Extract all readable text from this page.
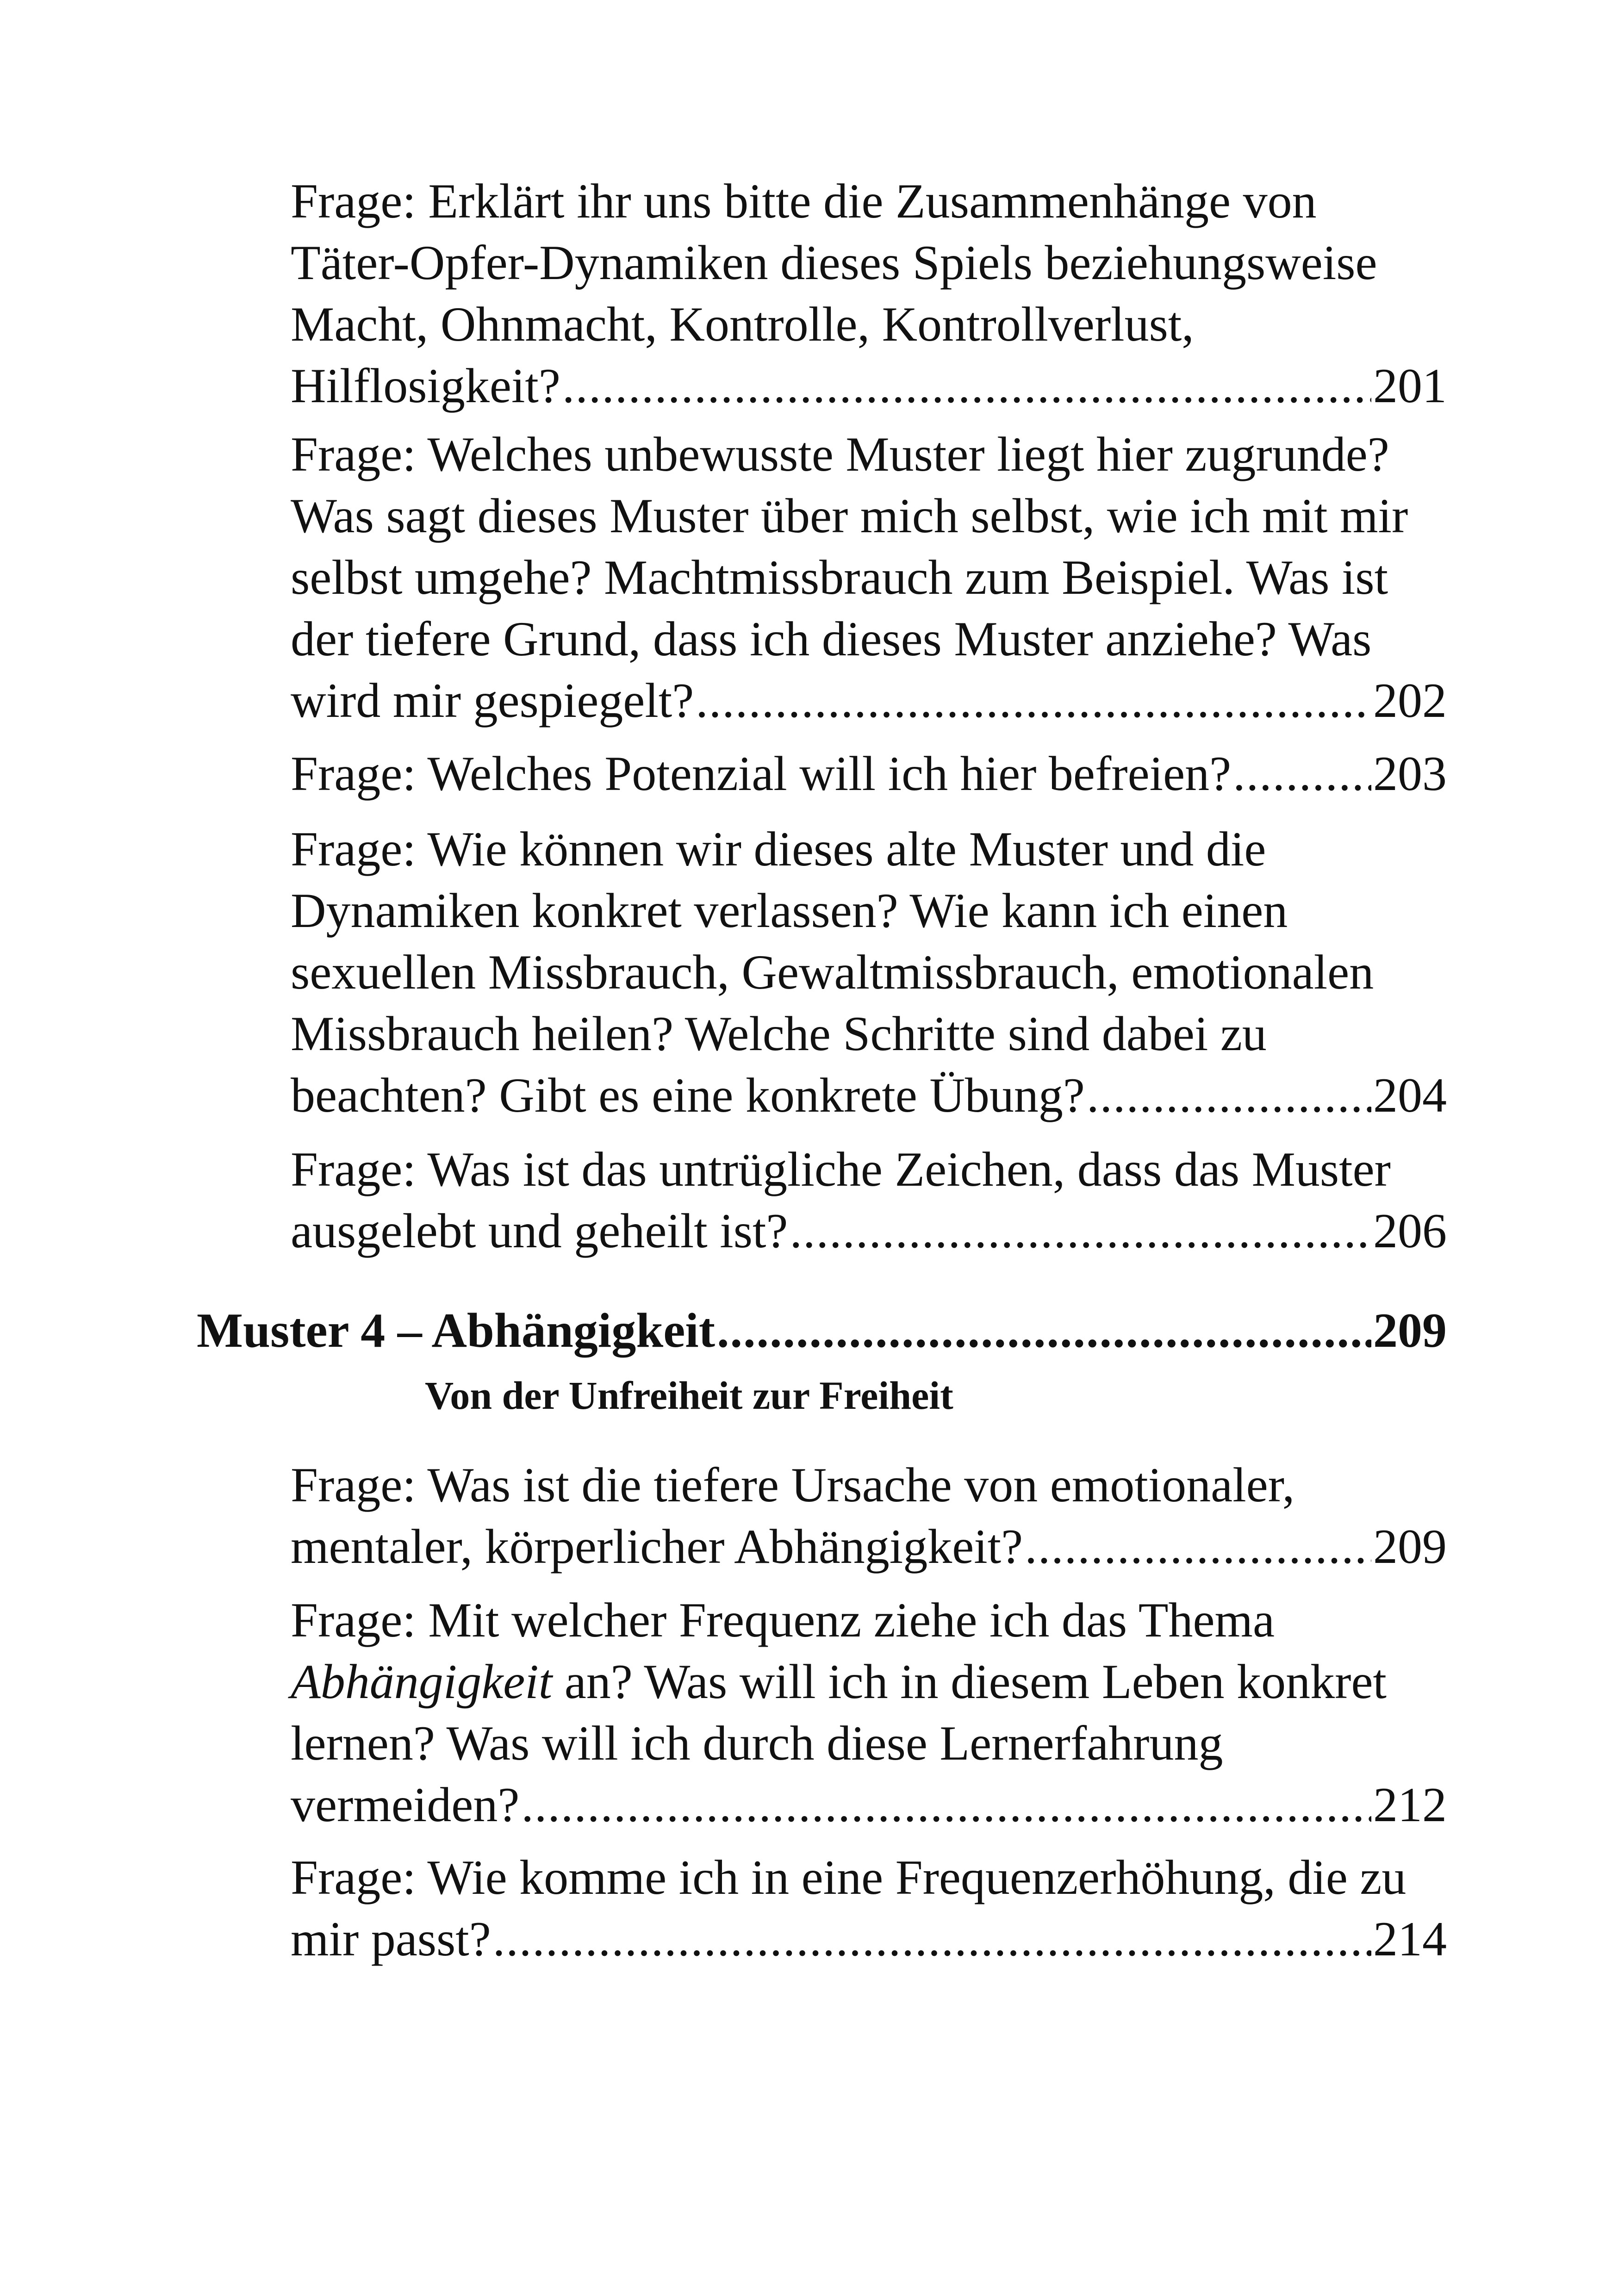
Frage: Erklärt ihr uns bitte die Zusammenhänge von
Täter-Opfer-Dynamiken dieses Spiels beziehungsweise
Macht, Ohnmacht, Kontrolle, Kontrollverlust,
Hilflosigkeit? .....	201
Frage: Welches unbewusste Muster liegt hier zugrunde?
Was sagt dieses Muster über mich selbst, wie ich mit mir
selbst umgehe? Machtmissbrauch zum Beispiel. Was ist
der tiefere Grund, dass ich dieses Muster anziehe? Was
wird mir gespiegelt? .....	202
Frage: Welches Potenzial will ich hier befreien? .....	203
Frage: Wie können wir dieses alte Muster und die
Dynamiken konkret verlassen? Wie kann ich einen
sexuellen Missbrauch, Gewaltmissbrauch, emotionalen
Missbrauch heilen? Welche Schritte sind dabei zu
beachten? Gibt es eine konkrete Übung? .....	204
Frage: Was ist das untrügliche Zeichen, dass das Muster
ausgelebt und geheilt ist? .....	206
Muster 4 – Abhängigkeit .....	209
Von der Unfreiheit zur Freiheit
Frage: Was ist die tiefere Ursache von emotionaler,
mentaler, körperlicher Abhängigkeit? .....	209
Frage: Mit welcher Frequenz ziehe ich das Thema
Abhängigkeit an? Was will ich in diesem Leben konkret
lernen? Was will ich durch diese Lernerfahrung
vermeiden? .....	212
Frage: Wie komme ich in eine Frequenzerhöhung, die zu
mir passt? .....	214
